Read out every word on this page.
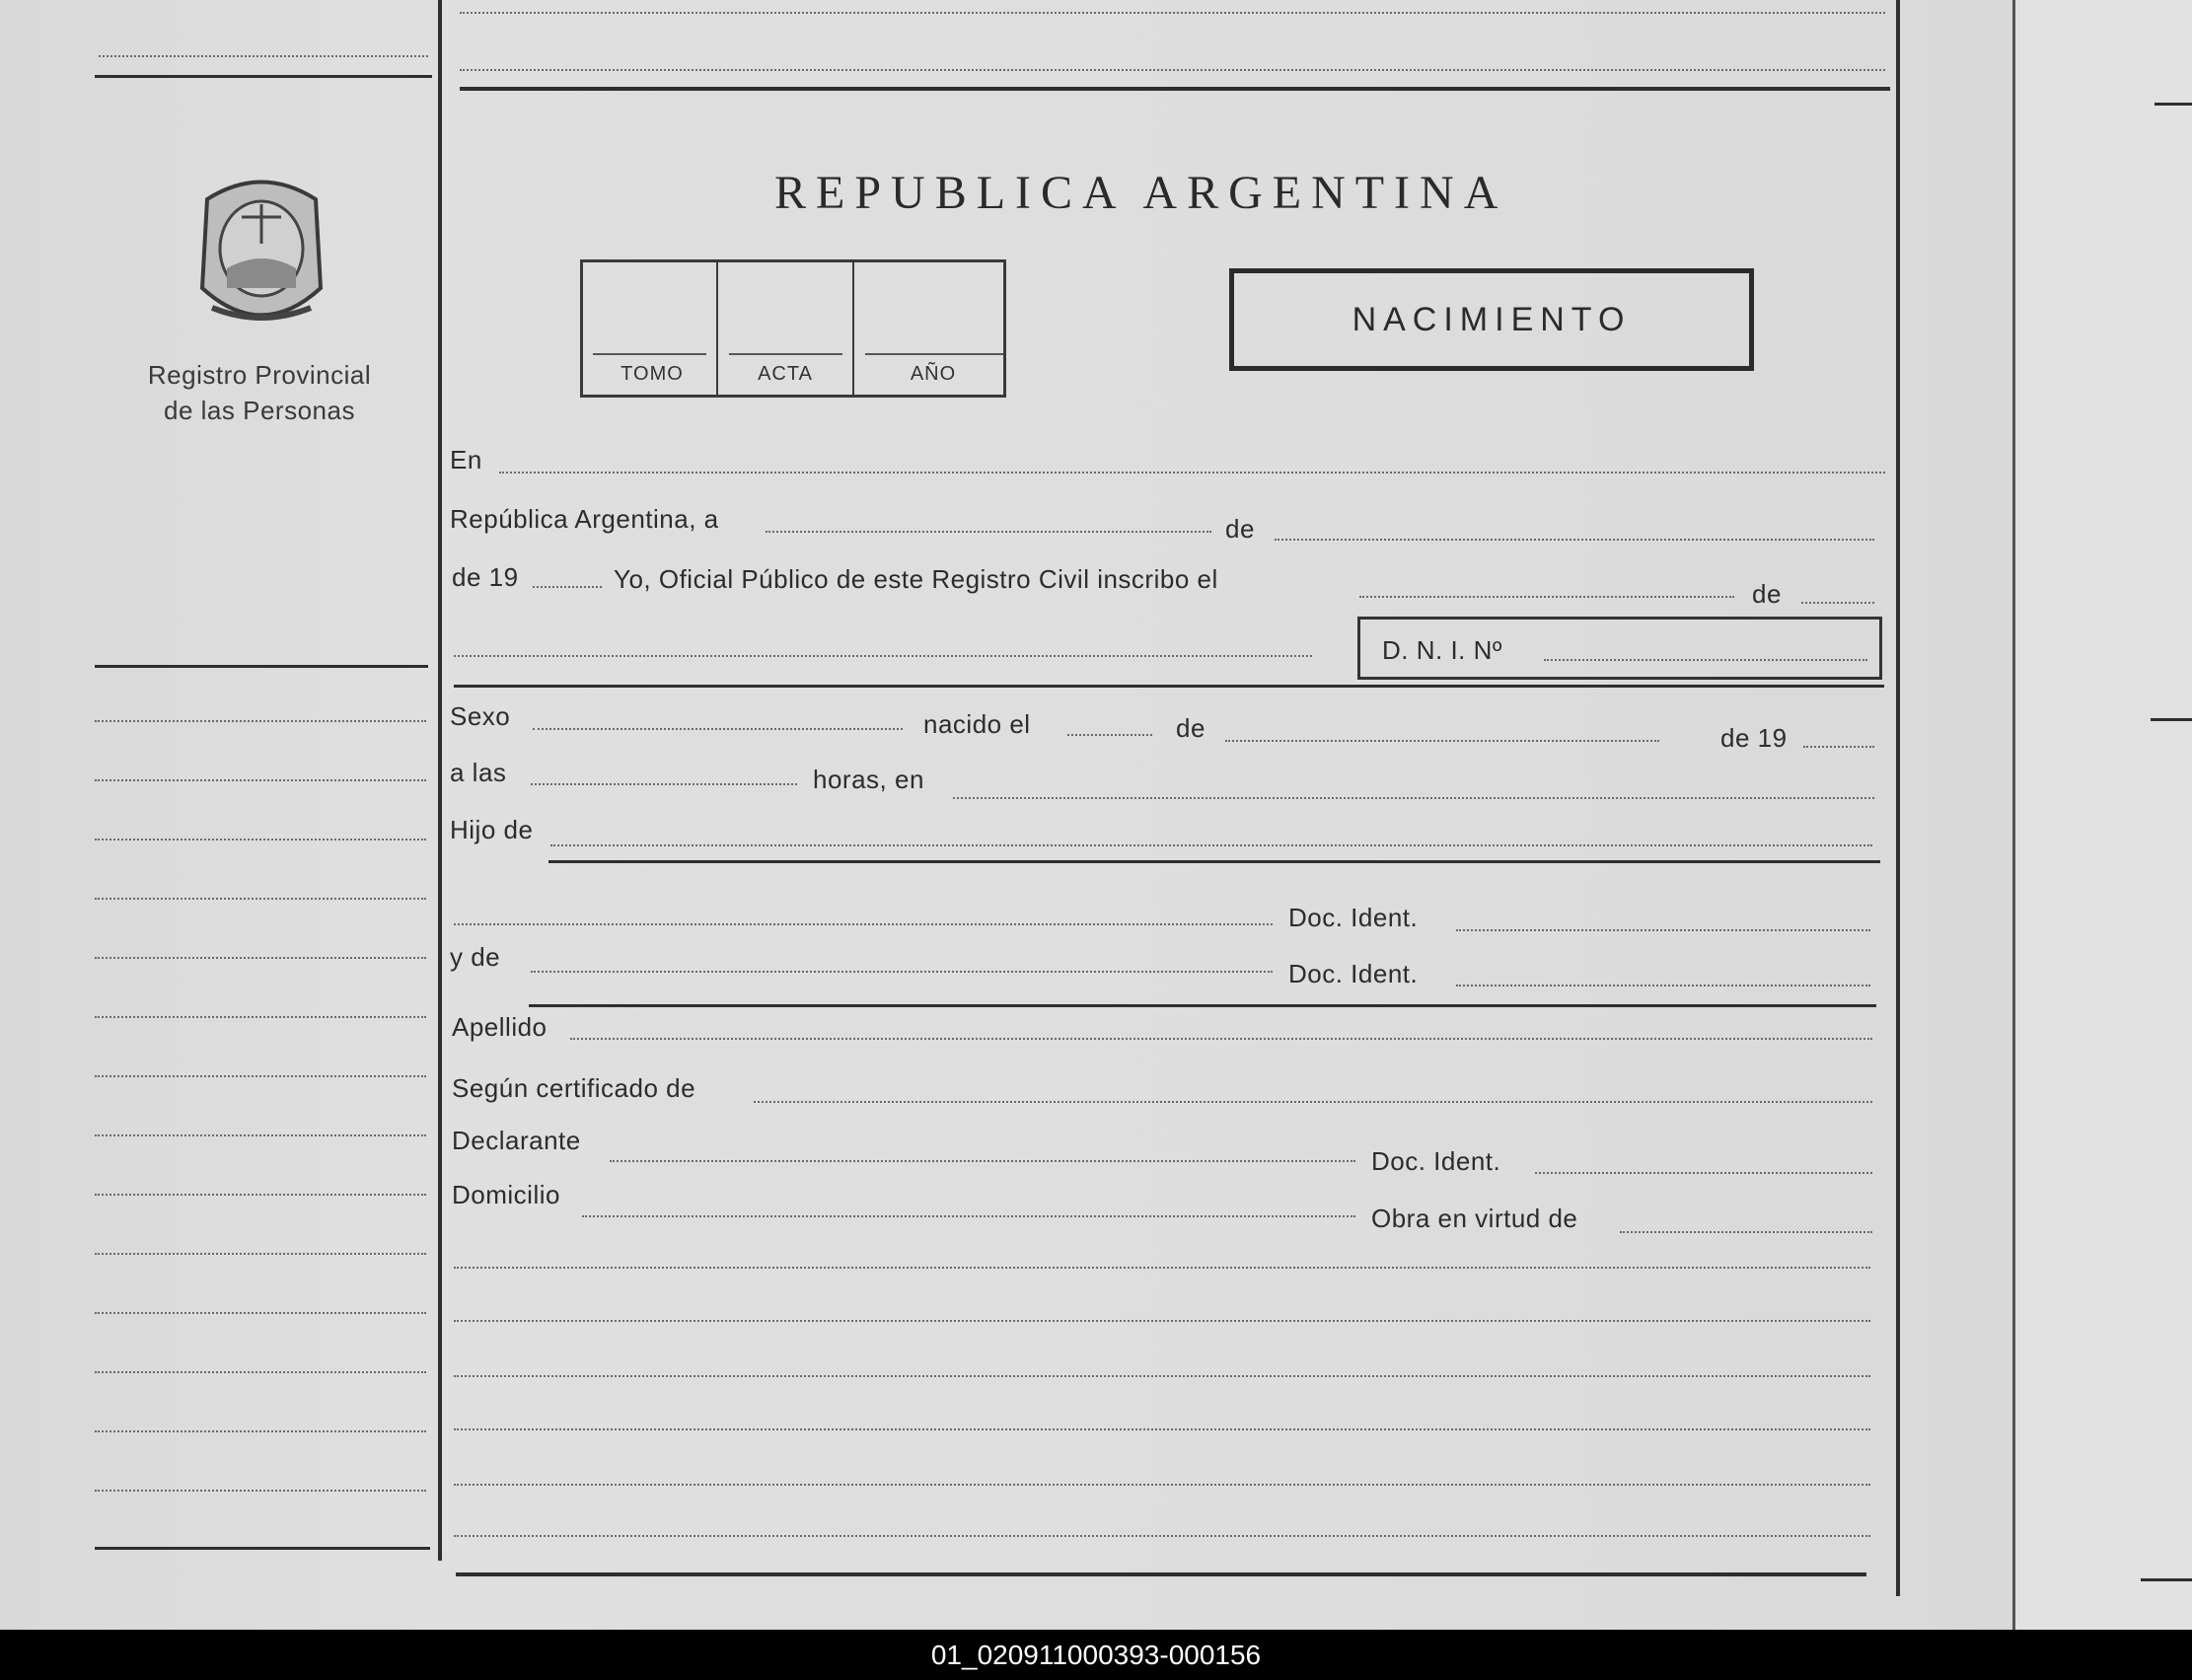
Registro Provincial
de las Personas
REPUBLICA ARGENTINA
TOMO	ACTA	AÑO
NACIMIENTO
En
República Argentina, a	de
de 19	Yo, Oficial Público de este Registro Civil inscribo el	de
D. N. I. Nº
Sexo	nacido el	de	de 19
a las	horas, en
Hijo de
Doc. Ident.
y de
Doc. Ident.
Apellido
Según certificado de
Declarante
Doc. Ident.
Domicilio
Obra en virtud de
01_020911000393-000156
